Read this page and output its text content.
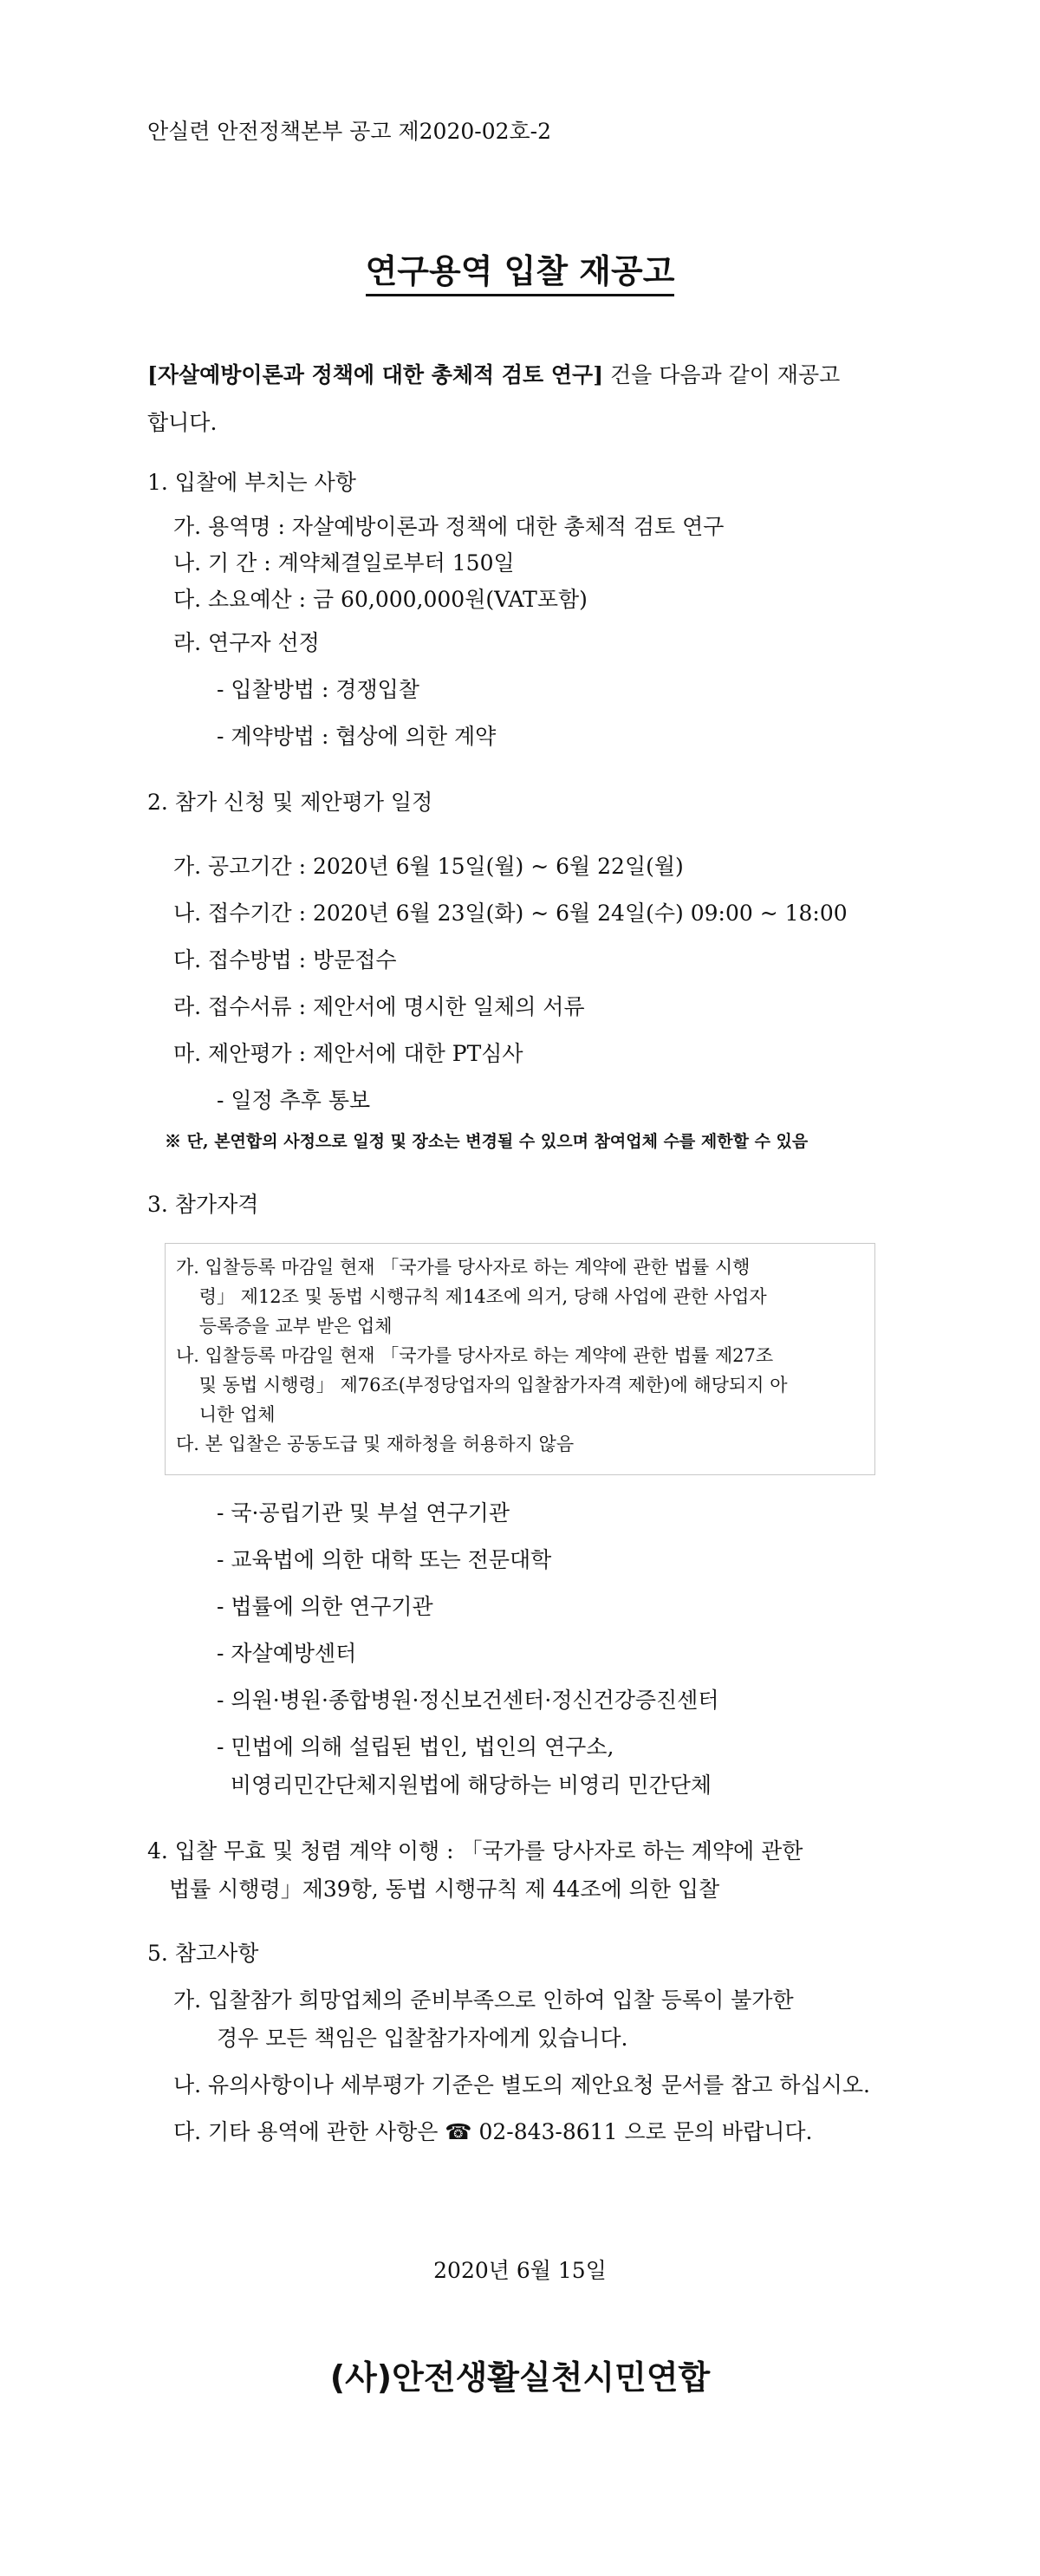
안실련 안전정책본부 공고 제2020-02호-2
연구용역 입찰 재공고
[자살예방이론과 정책에 대한 총체적 검토 연구] 건을 다음과 같이 재공고
합니다.
1. 입찰에 부치는 사항
가. 용역명 : 자살예방이론과 정책에 대한 총체적 검토 연구
나. 기 간 : 계약체결일로부터 150일
다. 소요예산 : 금 60,000,000원(VAT포함)
라. 연구자 선정
- 입찰방법 : 경쟁입찰
- 계약방법 : 협상에 의한 계약
2. 참가 신청 및 제안평가 일정
가. 공고기간 : 2020년 6월 15일(월) ~ 6월 22일(월)
나. 접수기간 : 2020년 6월 23일(화) ~ 6월 24일(수) 09:00 ~ 18:00
다. 접수방법 : 방문접수
라. 접수서류 : 제안서에 명시한 일체의 서류
마. 제안평가 : 제안서에 대한 PT심사
- 일정 추후 통보
※ 단, 본연합의 사정으로 일정 및 장소는 변경될 수 있으며 참여업체 수를 제한할 수 있음
3. 참가자격
가. 입찰등록 마감일 현재 「국가를 당사자로 하는 계약에 관한 법률 시행
령」 제12조 및 동법 시행규칙 제14조에 의거, 당해 사업에 관한 사업자
등록증을 교부 받은 업체
나. 입찰등록 마감일 현재 「국가를 당사자로 하는 계약에 관한 법률 제27조
및 동법 시행령」 제76조(부정당업자의 입찰참가자격 제한)에 해당되지 아
니한 업체
다. 본 입찰은 공동도급 및 재하청을 허용하지 않음
- 국·공립기관 및 부설 연구기관
- 교육법에 의한 대학 또는 전문대학
- 법률에 의한 연구기관
- 자살예방센터
- 의원·병원·종합병원·정신보건센터·정신건강증진센터
- 민법에 의해 설립된 법인, 법인의 연구소,
비영리민간단체지원법에 해당하는 비영리 민간단체
4. 입찰 무효 및 청렴 계약 이행 : 「국가를 당사자로 하는 계약에 관한
법률 시행령」제39항, 동법 시행규칙 제 44조에 의한 입찰
5. 참고사항
가. 입찰참가 희망업체의 준비부족으로 인하여 입찰 등록이 불가한
경우 모든 책임은 입찰참가자에게 있습니다.
나. 유의사항이나 세부평가 기준은 별도의 제안요청 문서를 참고 하십시오.
다. 기타 용역에 관한 사항은 ☎ 02-843-8611 으로 문의 바랍니다.
2020년 6월 15일
(사)안전생활실천시민연합
